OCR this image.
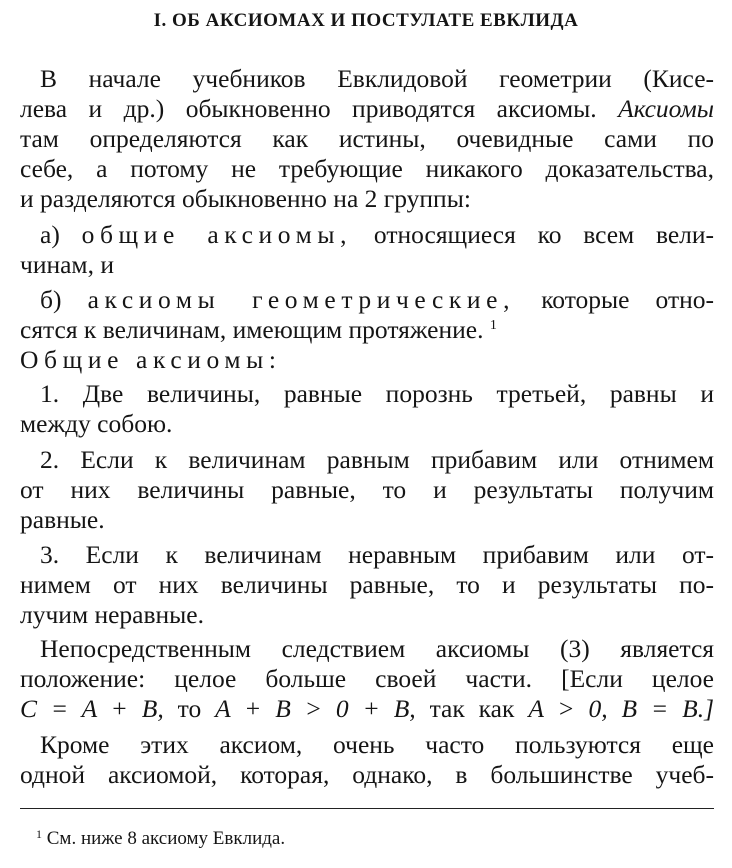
I. ОБ АКСИОМАХ И ПОСТУЛАТЕ ЕВКЛИДА
В начале учебников Евклидовой геометрии (Кисе-
лева и др.) обыкновенно приводятся аксиомы. Аксиомы
там определяются как истины, очевидные сами по
себе, а потому не требующие никакого доказательства,
и разделяются обыкновенно на 2 группы:
а) общие аксиомы, относящиеся ко всем вели-
чинам, и
б) аксиомы геометрические, которые отно-
сятся к величинам, имеющим протяжение. $^1$
Общие аксиомы:
1. Две величины, равные порознь третьей, равны и
между собою.
2. Если к величинам равным прибавим или отнимем
от них величины равные, то и результаты получим
равные.
3. Если к величинам неравным прибавим или от-
нимем от них величины равные, то и результаты по-
лучим неравные.
Непосредственным следствием аксиомы (3) является
положение: целое больше своей части. [Если целое
C = A + B, то A + B > 0 + B, так как A > 0, B = B.]
Кроме этих аксиом, очень часто пользуются еще
одной аксиомой, которая, однако, в большинстве учеб-
$^1$ См. ниже 8 аксиому Евклида.
